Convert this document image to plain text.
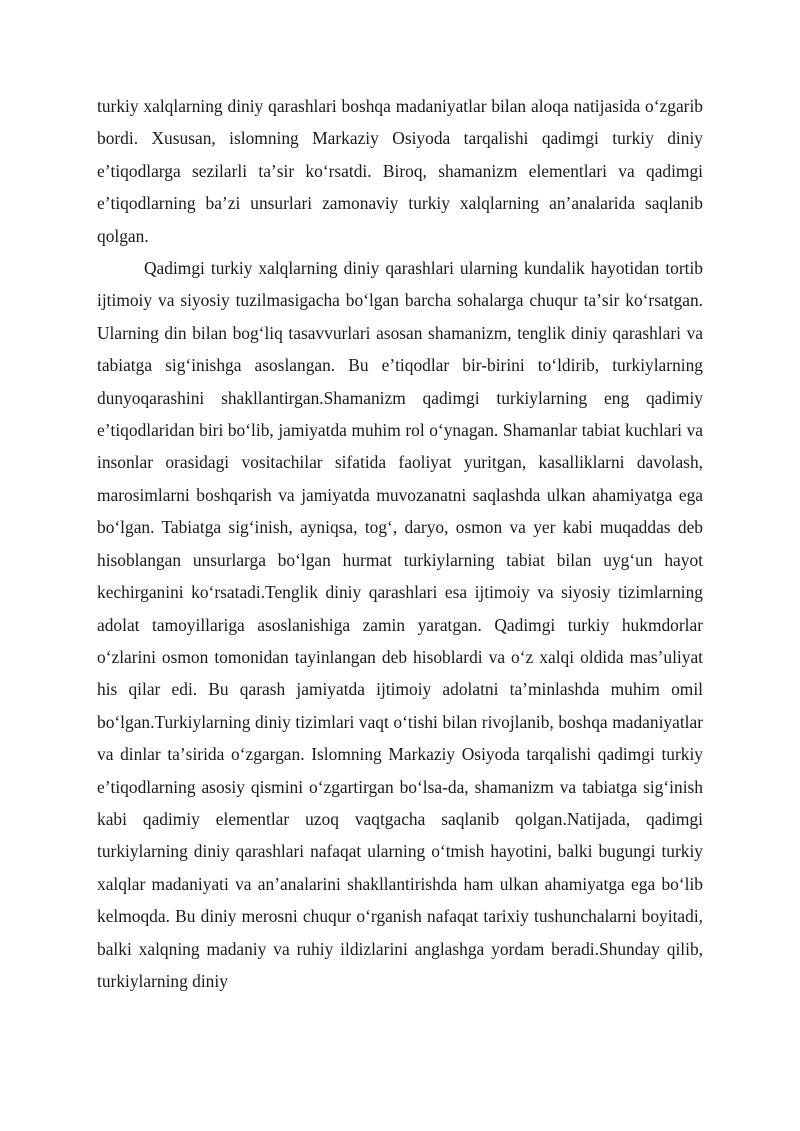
turkiy xalqlarning diniy qarashlari boshqa madaniyatlar bilan aloqa natijasida oʻzgarib bordi. Xususan, islomning Markaziy Osiyoda tarqalishi qadimgi turkiy diniy eʼtiqodlarga sezilarli taʼsir koʻrsatdi. Biroq, shamanizm elementlari va qadimgi eʼtiqodlarning baʼzi unsurlari zamonaviy turkiy xalqlarning anʼanalarida saqlanib qolgan.

Qadimgi turkiy xalqlarning diniy qarashlari ularning kundalik hayotidan tortib ijtimoiy va siyosiy tuzilmasigacha boʻlgan barcha sohalarga chuqur taʼsir koʻrsatgan. Ularning din bilan bogʻliq tasavvurlari asosan shamanizm, tenglik diniy qarashlari va tabiatga sigʻinishga asoslangan. Bu eʼtiqodlar bir-birini toʻldirib, turkiylarning dunyoqarashini shakllantirgan.Shamanizm qadimgi turkiylarning eng qadimiy eʼtiqodlaridan biri boʻlib, jamiyatda muhim rol oʻynagan. Shamanlar tabiat kuchlari va insonlar orasidagi vositachilar sifatida faoliyat yuritgan, kasalliklarni davolash, marosimlarni boshqarish va jamiyatda muvozanatni saqlashda ulkan ahamiyatga ega boʻlgan. Tabiatga sigʻinish, ayniqsa, togʻ, daryo, osmon va yer kabi muqaddas deb hisoblangan unsurlarga boʻlgan hurmat turkiylarning tabiat bilan uygʻun hayot kechirganini koʻrsatadi.Tenglik diniy qarashlari esa ijtimoiy va siyosiy tizimlarning adolat tamoyillariga asoslanishiga zamin yaratgan. Qadimgi turkiy hukmdorlar oʻzlarini osmon tomonidan tayinlangan deb hisoblardi va oʻz xalqi oldida masʼuliyat his qilar edi. Bu qarash jamiyatda ijtimoiy adolatni taʼminlashda muhim omil boʻlgan.Turkiylarning diniy tizimlari vaqt oʻtishi bilan rivojlanib, boshqa madaniyatlar va dinlar taʼsirida oʻzgargan. Islomning Markaziy Osiyoda tarqalishi qadimgi turkiy eʼtiqodlarning asosiy qismini oʻzgartirgan boʻlsa-da, shamanizm va tabiatga sigʻinish kabi qadimiy elementlar uzoq vaqtgacha saqlanib qolgan.Natijada, qadimgi turkiylarning diniy qarashlari nafaqat ularning oʻtmish hayotini, balki bugungi turkiy xalqlar madaniyati va anʼanalarini shakllantirishda ham ulkan ahamiyatga ega boʻlib kelmoqda. Bu diniy merosni chuqur oʻrganish nafaqat tarixiy tushunchalarni boyitadi, balki xalqning madaniy va ruhiy ildizlarini anglashga yordam beradi.Shunday qilib, turkiylarning diniy
